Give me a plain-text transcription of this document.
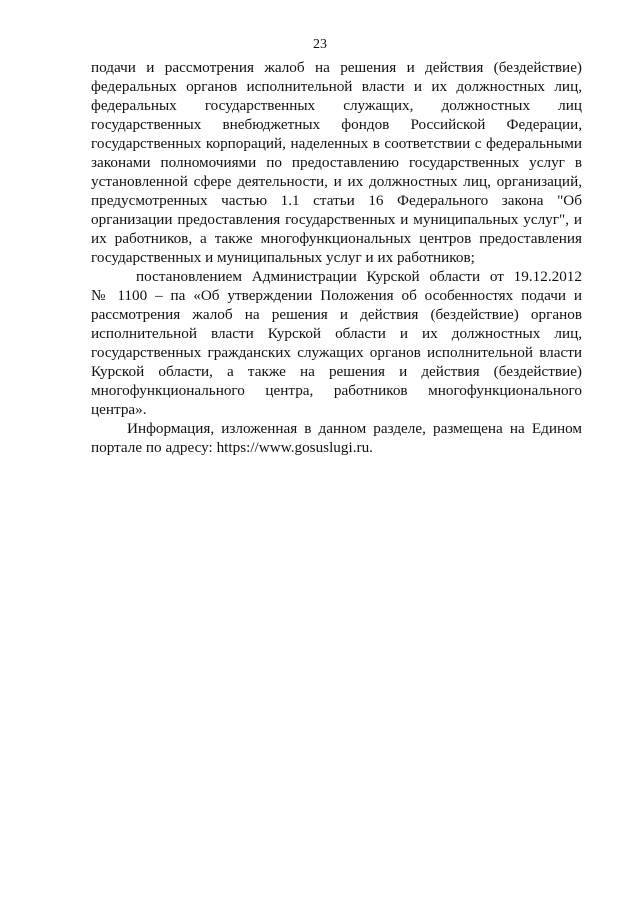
23
подачи и рассмотрения жалоб на решения и действия (бездействие)
федеральных органов исполнительной власти и их должностных лиц,
федеральных государственных служащих, должностных лиц
государственных внебюджетных фондов Российской Федерации,
государственных корпораций, наделенных в соответствии с федеральными
законами полномочиями по предоставлению государственных услуг в
установленной сфере деятельности, и их должностных лиц, организаций,
предусмотренных частью 1.1 статьи 16 Федерального закона "Об
организации предоставления государственных и муниципальных услуг", и
их работников, а также многофункциональных центров предоставления
государственных и муниципальных услуг и их работников;
постановлением Администрации Курской области от 19.12.2012
№ 1100 – па «Об утверждении Положения об особенностях подачи и
рассмотрения жалоб на решения и действия (бездействие) органов
исполнительной власти Курской области и их должностных лиц,
государственных гражданских служащих органов исполнительной власти
Курской области, а также на решения и действия (бездействие)
многофункционального центра, работников многофункционального
центра».
Информация, изложенная в данном разделе, размещена на Едином
портале по адресу: https://www.gosuslugi.ru.
